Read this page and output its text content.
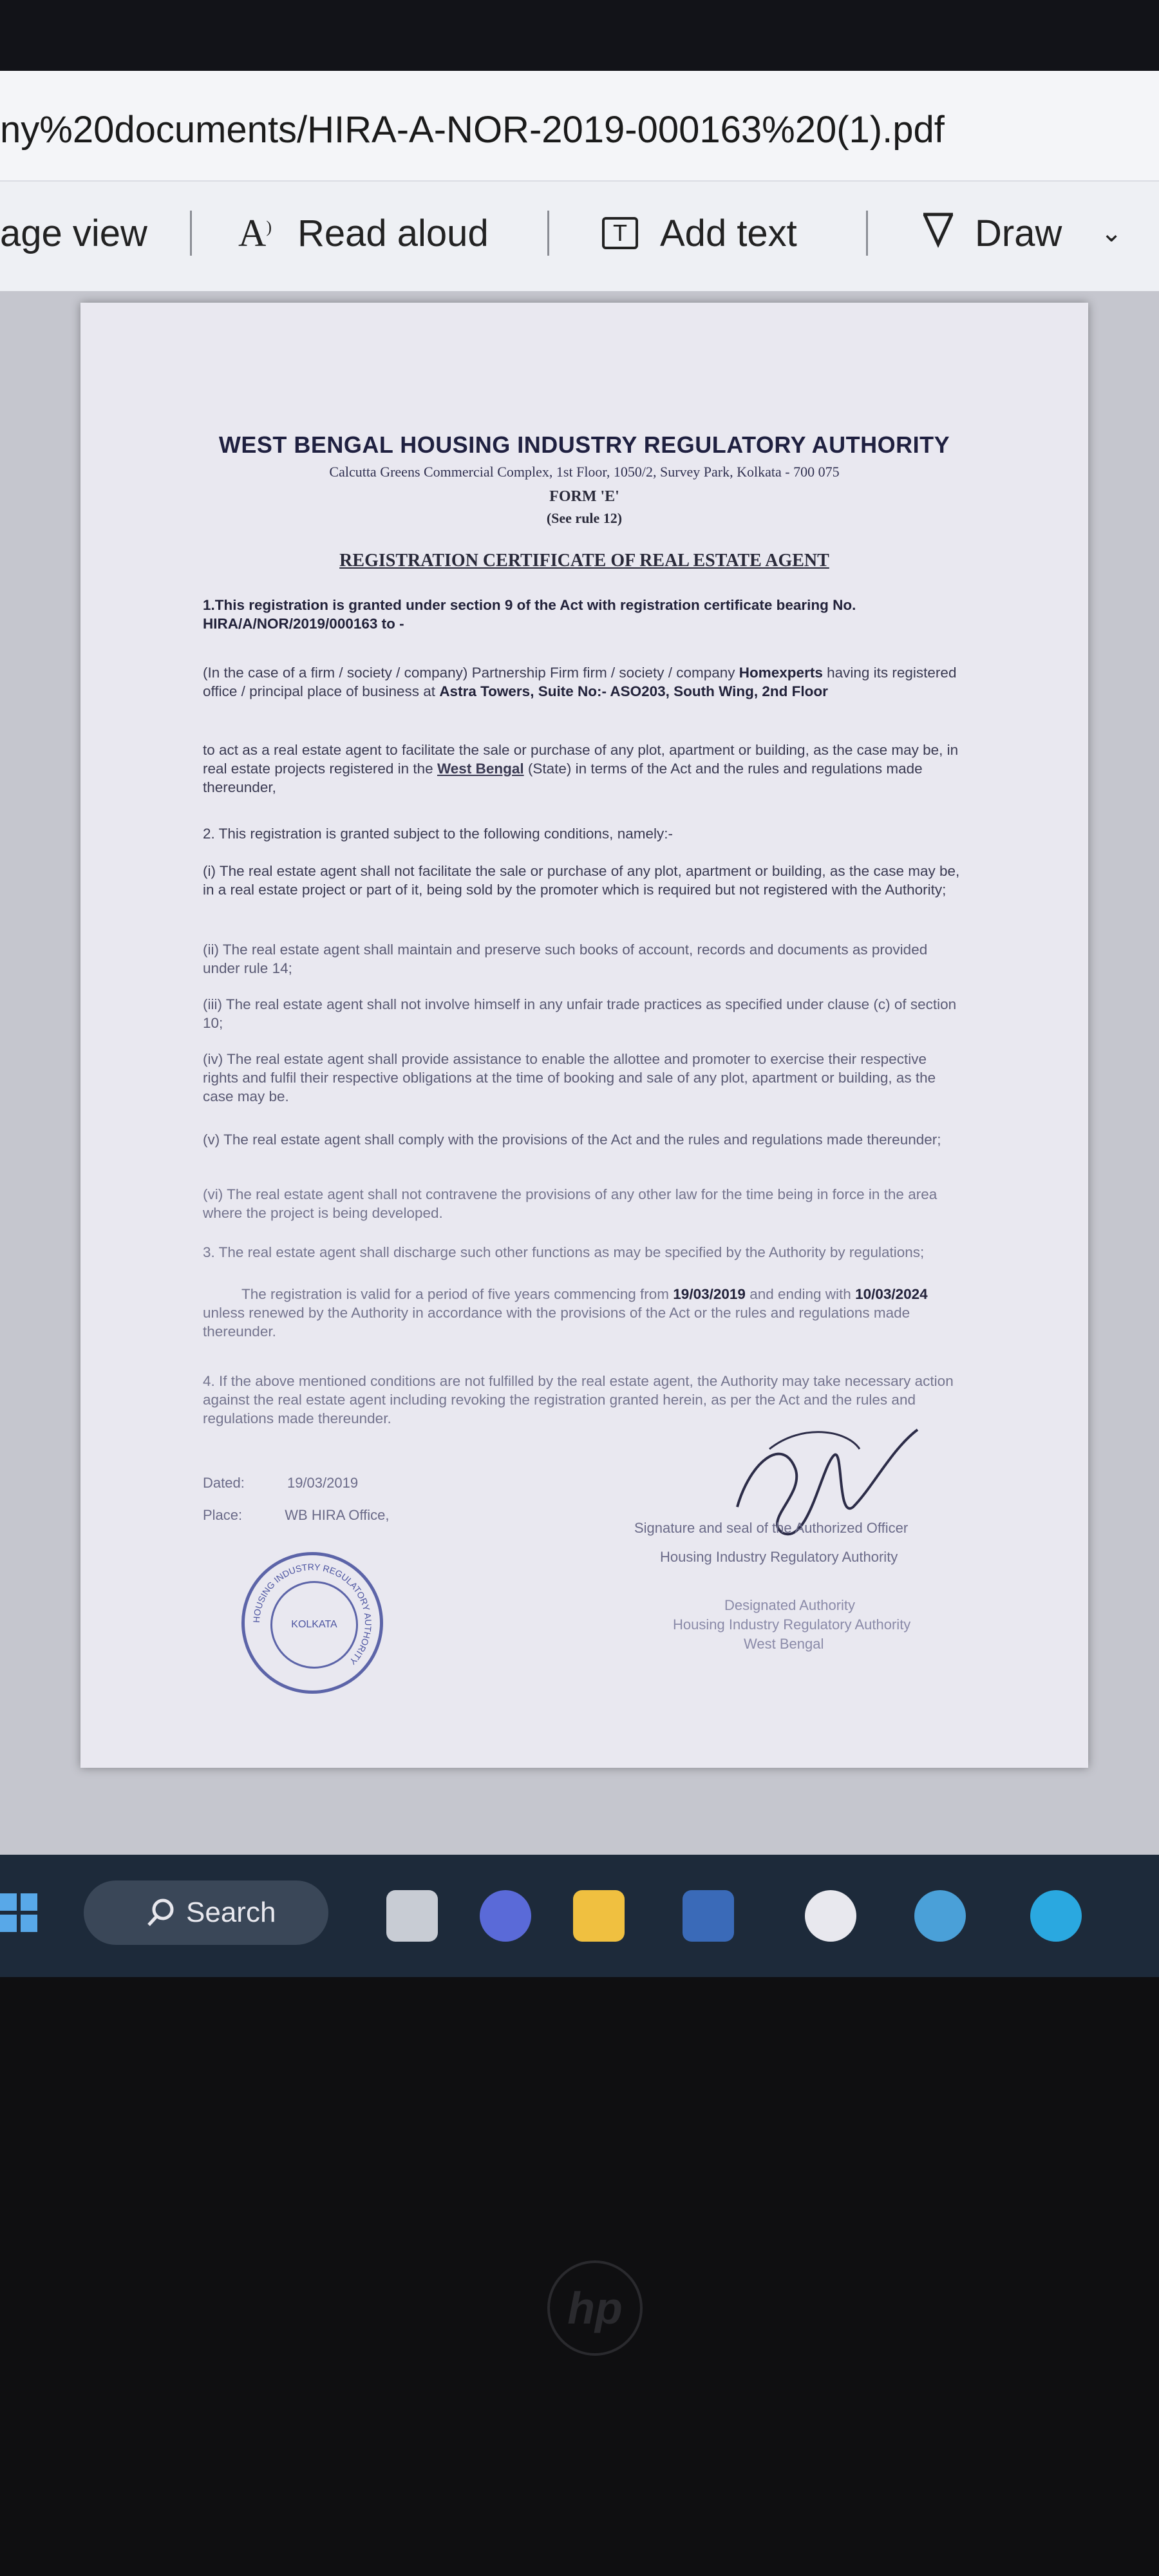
ny%20documents/HIRA-A-NOR-2019-000163%20(1).pdf
age view A) Read aloud	T Add text	Draw ⌄
WEST BENGAL HOUSING INDUSTRY REGULATORY AUTHORITY
Calcutta Greens Commercial Complex, 1st Floor, 1050/2, Survey Park, Kolkata - 700 075
FORM 'E'
(See rule 12)
REGISTRATION CERTIFICATE OF REAL ESTATE AGENT
1.This registration is granted under section 9 of the Act with registration certificate bearing No.
HIRA/A/NOR/2019/000163 to -
(In the case of a firm / society / company) Partnership Firm firm / society / company Homexperts having its registered office / principal place of business at Astra Towers, Suite No:- ASO203, South Wing, 2nd Floor
to act as a real estate agent to facilitate the sale or purchase of any plot, apartment or building, as the case may be, in real estate projects registered in the West Bengal (State) in terms of the Act and the rules and regulations made thereunder,
2. This registration is granted subject to the following conditions, namely:-
(i) The real estate agent shall not facilitate the sale or purchase of any plot, apartment or building, as the case may be, in a real estate project or part of it, being sold by the promoter which is required but not registered with the Authority;
(ii) The real estate agent shall maintain and preserve such books of account, records and documents as provided under rule 14;
(iii) The real estate agent shall not involve himself in any unfair trade practices as specified under clause (c) of section 10;
(iv) The real estate agent shall provide assistance to enable the allottee and promoter to exercise their respective rights and fulfil their respective obligations at the time of booking and sale of any plot, apartment or building, as the case may be.
(v) The real estate agent shall comply with the provisions of the Act and the rules and regulations made thereunder;
(vi) The real estate agent shall not contravene the provisions of any other law for the time being in force in the area where the project is being developed.
3. The real estate agent shall discharge such other functions as may be specified by the Authority by regulations;
The registration is valid for a period of five years commencing from 19/03/2019 and ending with 10/03/2024 unless renewed by the Authority in accordance with the provisions of the Act or the rules and regulations made thereunder.
4. If the above mentioned conditions are not fulfilled by the real estate agent, the Authority may take necessary action against the real estate agent including revoking the registration granted herein, as per the Act and the rules and regulations made thereunder.
Dated:	19/03/2019
Place:	WB HIRA Office,
Signature and seal of the Authorized Officer
Housing Industry Regulatory Authority
Designated Authority
Housing Industry Regulatory Authority
West Bengal
HOUSING INDUSTRY REGULATORY AUTHORITY
KOLKATA
Search
hp
